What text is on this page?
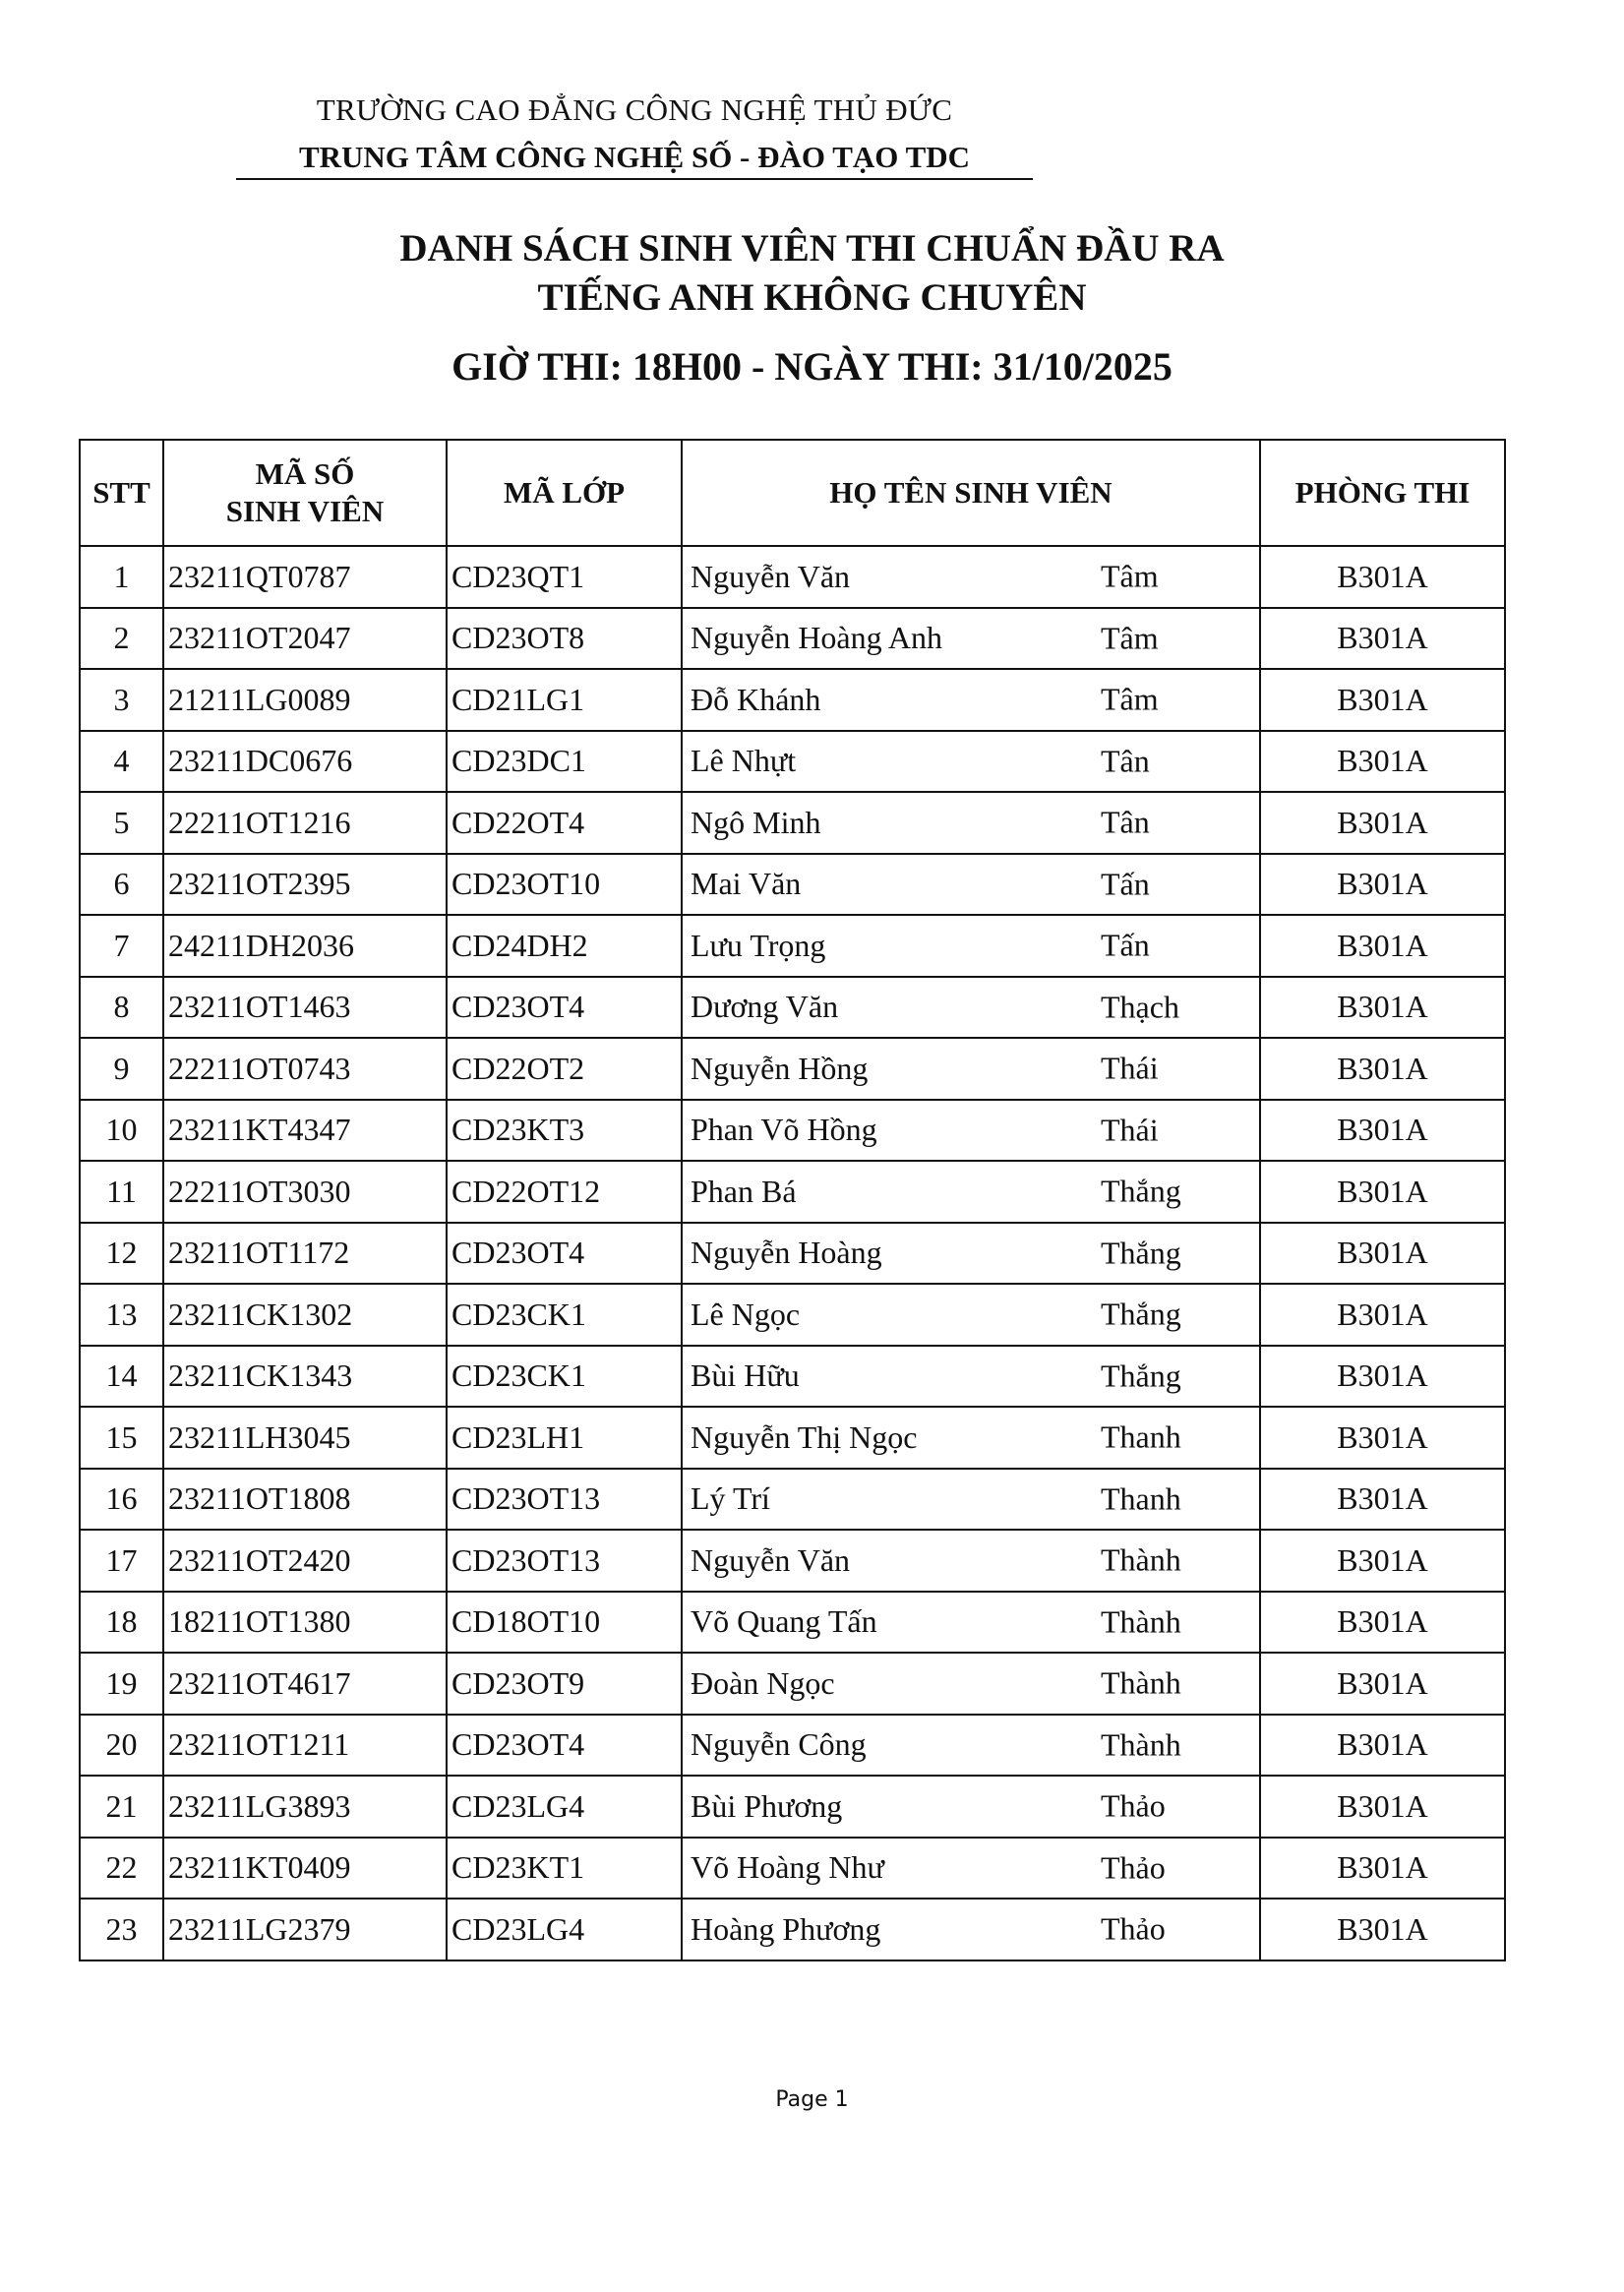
TRƯỜNG CAO ĐẲNG CÔNG NGHỆ THỦ ĐỨC
TRUNG TÂM CÔNG NGHỆ SỐ - ĐÀO TẠO TDC
DANH SÁCH SINH VIÊN THI CHUẨN ĐẦU RA
TIẾNG ANH KHÔNG CHUYÊN
GIỜ THI: 18H00 - NGÀY THI: 31/10/2025
STT	MÃ SỐ
SINH VIÊN	MÃ LỚP	HỌ TÊN SINH VIÊN	PHÒNG THI
1	23211QT0787	CD23QT1	Nguyễn Văn Tâm	B301A
2	23211OT2047	CD23OT8	Nguyễn Hoàng Anh Tâm	B301A
3	21211LG0089	CD21LG1	Đỗ Khánh Tâm	B301A
4	23211DC0676	CD23DC1	Lê Nhựt Tân	B301A
5	22211OT1216	CD22OT4	Ngô Minh Tân	B301A
6	23211OT2395	CD23OT10	Mai Văn Tấn	B301A
7	24211DH2036	CD24DH2	Lưu Trọng Tấn	B301A
8	23211OT1463	CD23OT4	Dương Văn Thạch	B301A
9	22211OT0743	CD22OT2	Nguyễn Hồng Thái	B301A
10	23211KT4347	CD23KT3	Phan Võ Hồng Thái	B301A
11	22211OT3030	CD22OT12	Phan Bá Thắng	B301A
12	23211OT1172	CD23OT4	Nguyễn Hoàng Thắng	B301A
13	23211CK1302	CD23CK1	Lê Ngọc Thắng	B301A
14	23211CK1343	CD23CK1	Bùi Hữu Thắng	B301A
15	23211LH3045	CD23LH1	Nguyễn Thị Ngọc Thanh	B301A
16	23211OT1808	CD23OT13	Lý Trí Thanh	B301A
17	23211OT2420	CD23OT13	Nguyễn Văn Thành	B301A
18	18211OT1380	CD18OT10	Võ Quang Tấn Thành	B301A
19	23211OT4617	CD23OT9	Đoàn Ngọc Thành	B301A
20	23211OT1211	CD23OT4	Nguyễn Công Thành	B301A
21	23211LG3893	CD23LG4	Bùi Phương Thảo	B301A
22	23211KT0409	CD23KT1	Võ Hoàng Như Thảo	B301A
23	23211LG2379	CD23LG4	Hoàng Phương Thảo	B301A
Page 1
